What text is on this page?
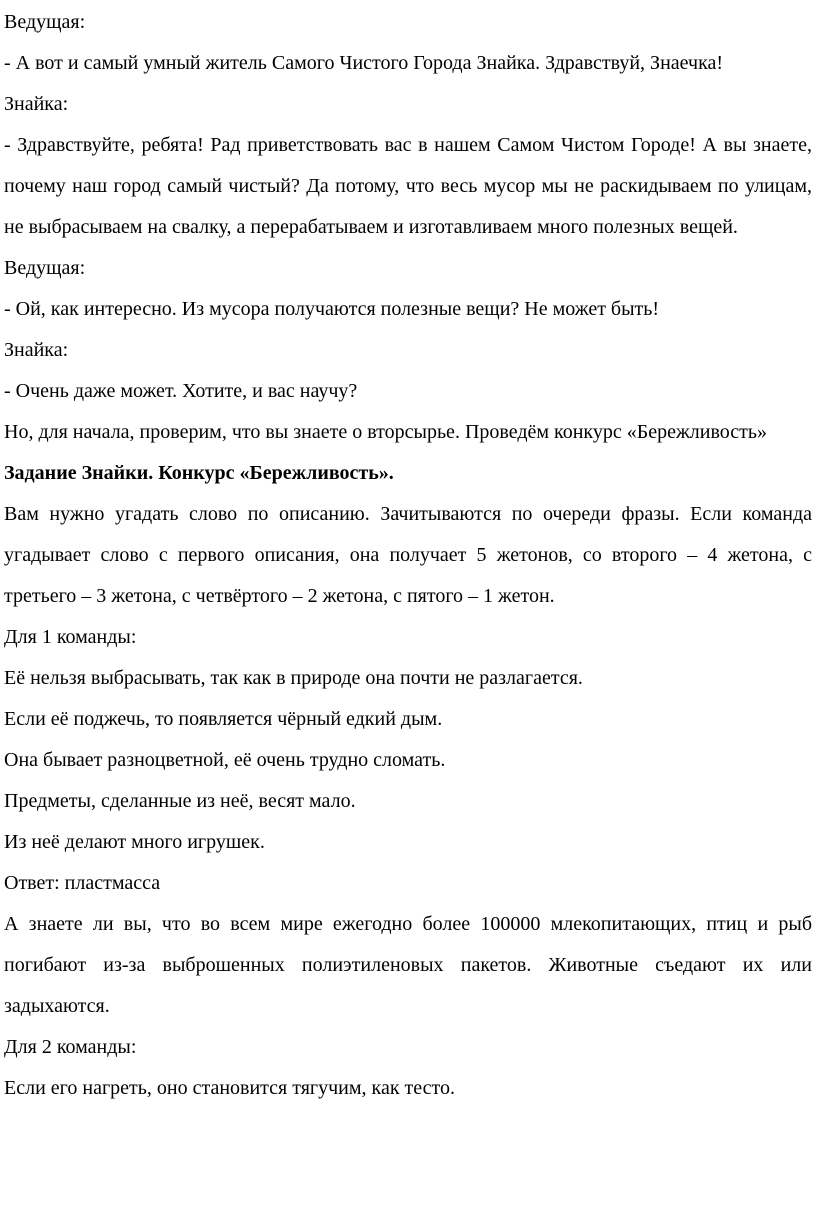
Ведущая:

- А вот и самый умный житель Самого Чистого Города Знайка. Здравствуй, Знаечка!

Знайка:

- Здравствуйте, ребята! Рад приветствовать вас в нашем Самом Чистом Городе! А вы знаете, почему наш город самый чистый? Да потому, что весь мусор мы не раскидываем по улицам, не выбрасываем на свалку, а перерабатываем и изготавливаем много полезных вещей.

Ведущая:

- Ой, как интересно. Из мусора получаются полезные вещи? Не может быть!

Знайка:

- Очень даже может. Хотите, и вас научу?

Но, для начала, проверим, что вы знаете о вторсырье. Проведём конкурс «Бережливость»

Задание Знайки. Конкурс «Бережливость».

Вам нужно угадать слово по описанию. Зачитываются по очереди фразы. Если команда угадывает слово с первого описания, она получает 5 жетонов, со второго – 4 жетона, с третьего – 3 жетона, с четвёртого – 2 жетона, с пятого – 1 жетон.

Для 1 команды:

Её нельзя выбрасывать, так как в природе она почти не разлагается.

Если её поджечь, то появляется чёрный едкий дым.

Она бывает разноцветной, её очень трудно сломать.

Предметы, сделанные из неё, весят мало.

Из неё делают много игрушек.

Ответ: пластмасса

А знаете ли вы, что во всем мире ежегодно более 100000 млекопитающих, птиц и рыб погибают из-за выброшенных полиэтиленовых пакетов. Животные съедают их или задыхаются.

Для 2 команды:

Если его нагреть, оно становится тягучим, как тесто.
